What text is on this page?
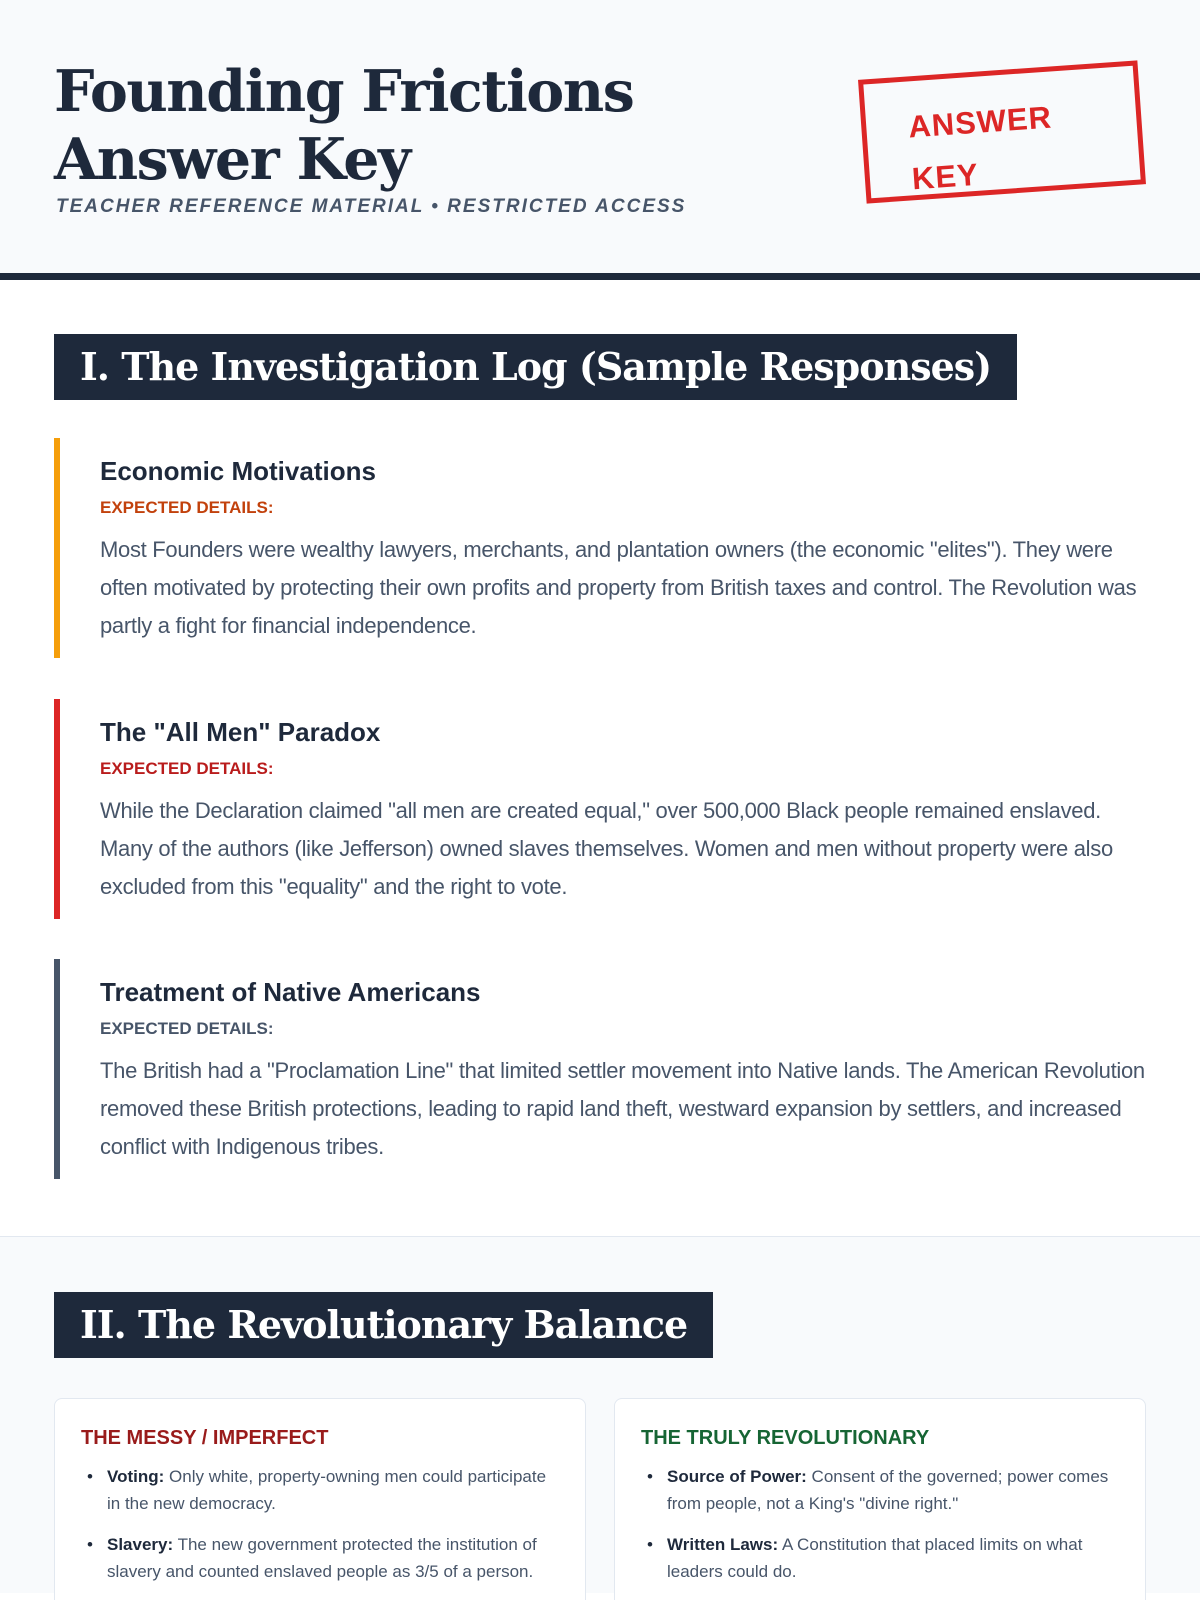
Founding Frictions Answer Key
TEACHER REFERENCE MATERIAL • RESTRICTED ACCESS
ANSWER
KEY
I. The Investigation Log (Sample Responses)
Economic Motivations
EXPECTED DETAILS:

Most Founders were wealthy lawyers, merchants, and plantation owners (the economic "elites"). They were often motivated by protecting their own profits and property from British taxes and control. The Revolution was partly a fight for financial independence.

The "All Men" Paradox
EXPECTED DETAILS:

While the Declaration claimed "all men are created equal," over 500,000 Black people remained enslaved. Many of the authors (like Jefferson) owned slaves themselves. Women and men without property were also excluded from this "equality" and the right to vote.

Treatment of Native Americans
EXPECTED DETAILS:

The British had a "Proclamation Line" that limited settler movement into Native lands. The American Revolution removed these British protections, leading to rapid land theft, westward expansion by settlers, and increased conflict with Indigenous tribes.

II. The Revolutionary Balance
THE MESSY / IMPERFECT
• Voting: Only white, property-owning men could participate in the new democracy.
• Slavery: The new government protected the institution of slavery and counted enslaved people as 3/5 of a person.
THE TRULY REVOLUTIONARY
• Source of Power: Consent of the governed; power comes from people, not a King's "divine right."
• Written Laws: A Constitution that placed limits on what leaders could do.
